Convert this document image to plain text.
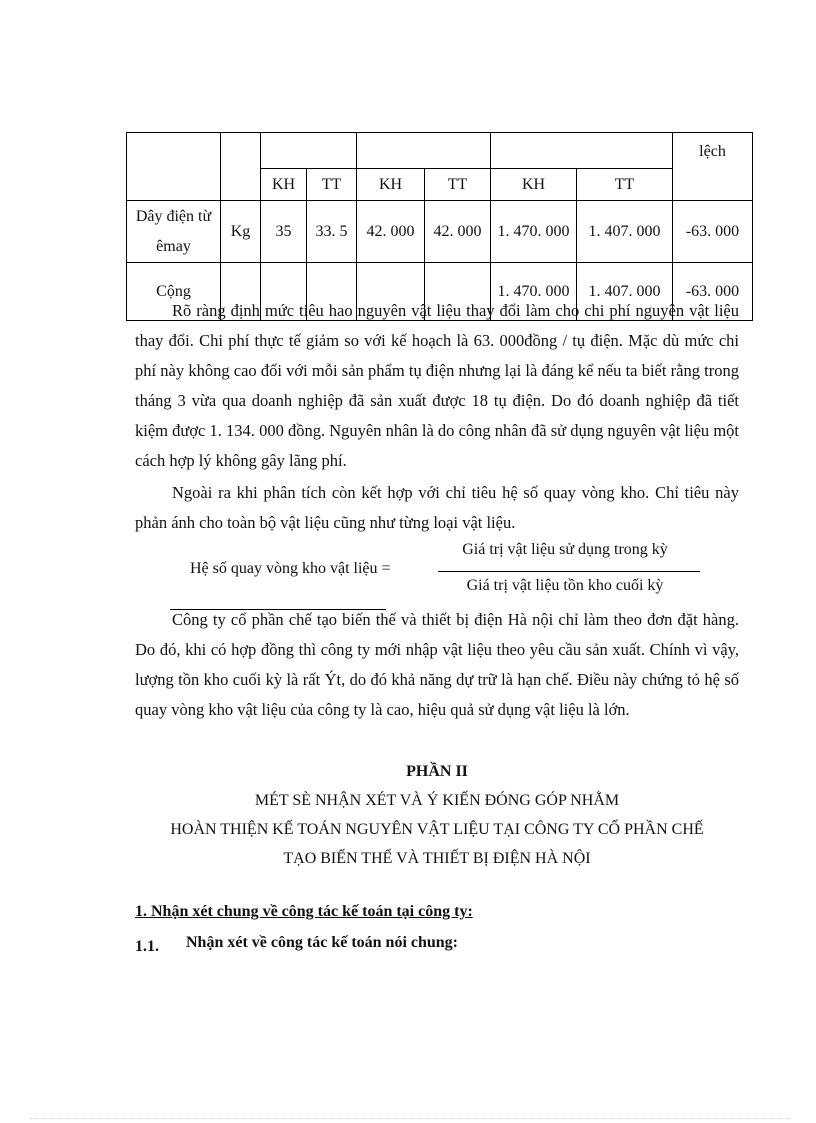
								lệch
		KH	TT	KH	TT	KH	TT	
Dây điện từ êmay	Kg	35	33. 5	42. 000	42. 000	1. 470. 000	1. 407. 000	-63. 000
Cộng						1. 470. 000	1. 407. 000	-63. 000

Rõ ràng định mức tiêu hao nguyên vật liệu thay đổi làm cho chi phí nguyên vật liệu thay đổi. Chi phí thực tế giảm so với kế hoạch là 63. 000đồng / tụ điện. Mặc dù mức chi phí này không cao đối với mỗi sản phẩm tụ điện nhưng lại là đáng kể nếu ta biết rằng trong tháng 3 vừa qua doanh nghiệp đã sản xuất được 18 tụ điện. Do đó doanh nghiệp đã tiết kiệm được 1. 134. 000 đồng. Nguyên nhân là do công nhân đã sử dụng nguyên vật liệu một cách hợp lý không gây lãng phí.

Ngoài ra khi phân tích còn kết hợp với chỉ tiêu hệ số quay vòng kho. Chỉ tiêu này phản ánh cho toàn bộ vật liệu cũng như từng loại vật liệu.

Hệ số quay vòng kho vật liệu =
Giá trị vật liệu sử dụng trong kỳ
Giá trị vật liệu tồn kho cuối kỳ

Công ty cổ phần chế tạo biến thế và thiết bị điện Hà nội chỉ làm theo đơn đặt hàng. Do đó, khi có hợp đồng thì công ty mới nhập vật liệu theo yêu cầu sản xuất. Chính vì vậy, lượng tồn kho cuối kỳ là rất Ýt, do đó khả năng dự trữ là hạn chế. Điều này chứng tỏ hệ số quay vòng kho vật liệu của công ty là cao, hiệu quả sử dụng vật liệu là lớn.

PHẦN II
MÉT SÈ NHẬN XÉT VÀ Ý KIẾN ĐÓNG GÓP NHẰM
HOÀN THIỆN KẾ TOÁN NGUYÊN VẬT LIỆU TẠI CÔNG TY CỔ PHẦN CHẾ
TẠO BIẾN THẾ VÀ THIẾT BỊ ĐIỆN HÀ NỘI
1. Nhận xét chung về công tác kế toán tại công ty:
1.1. Nhận xét về công tác kế toán nói chung:
